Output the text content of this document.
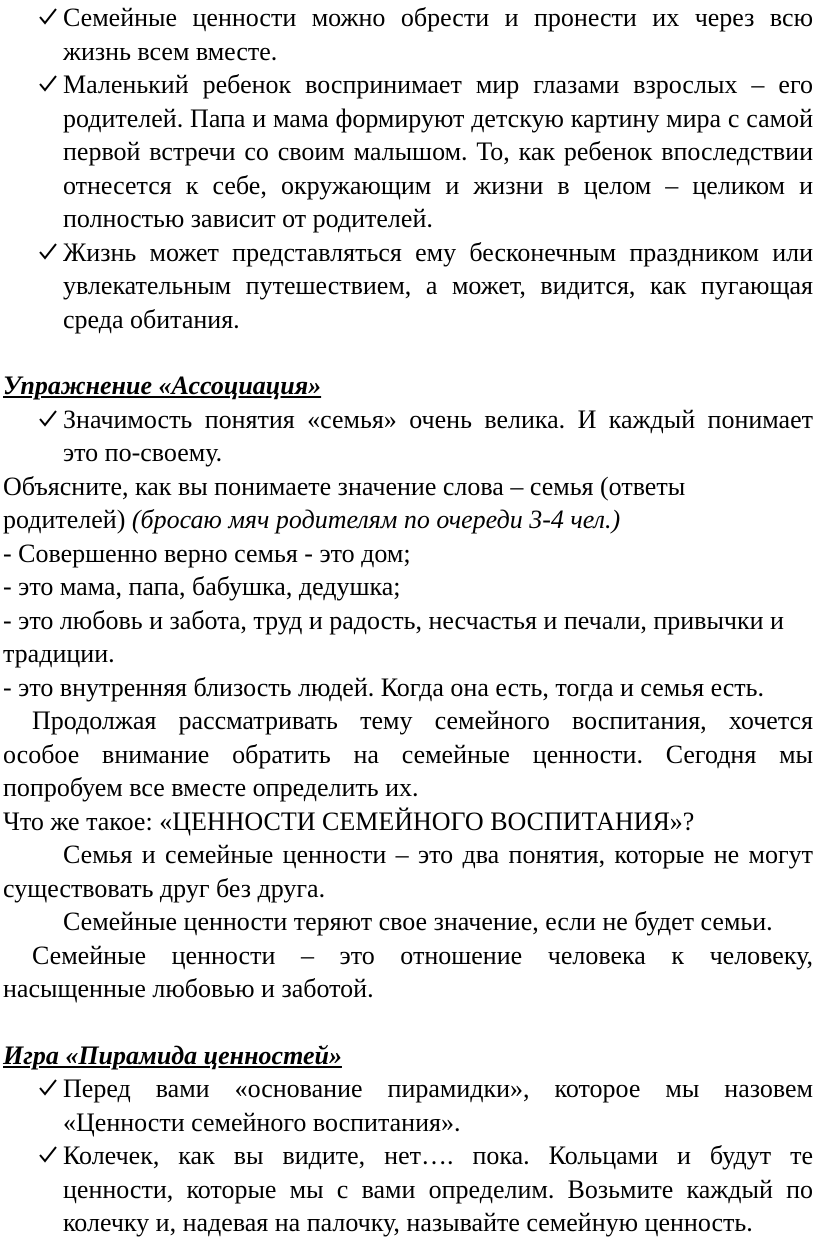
Семейные ценности можно обрести и пронести их через всю жизнь всем вместе.

Маленький ребенок воспринимает мир глазами взрослых – его родителей. Папа и мама формируют детскую картину мира с самой первой встречи со своим малышом. То, как ребенок впоследствии отнесется к себе, окружающим и жизни в целом – целиком и полностью зависит от родителей.

Жизнь может представляться ему бесконечным праздником или увлекательным путешествием, а может, видится, как пугающая среда обитания.

Упражнение «Ассоциация»

Значимость понятия «семья» очень велика. И каждый понимает это по-своему.

Объясните, как вы понимаете значение слова – семья (ответы родителей) (бросаю мяч родителям по очереди 3-4 чел.)

- Совершенно верно семья - это дом;

- это мама, папа, бабушка, дедушка;

- это любовь и забота, труд и радость, несчастья и печали, привычки и традиции.

- это внутренняя близость людей. Когда она есть, тогда и семья есть.

Продолжая рассматривать тему семейного воспитания, хочется особое внимание обратить на семейные ценности. Сегодня мы попробуем все вместе определить их.

Что же такое: «ЦЕННОСТИ СЕМЕЙНОГО ВОСПИТАНИЯ»?

Семья и семейные ценности – это два понятия, которые не могут существовать друг без друга.

Семейные ценности теряют свое значение, если не будет семьи.

Семейные ценности – это отношение человека к человеку, насыщенные любовью и заботой.

Игра «Пирамида ценностей»

Перед вами «основание пирамидки», которое мы назовем «Ценности семейного воспитания».

Колечек, как вы видите, нет…. пока. Кольцами и будут те ценности, которые мы с вами определим. Возьмите каждый по колечку и, надевая на палочку, называйте семейную ценность.
